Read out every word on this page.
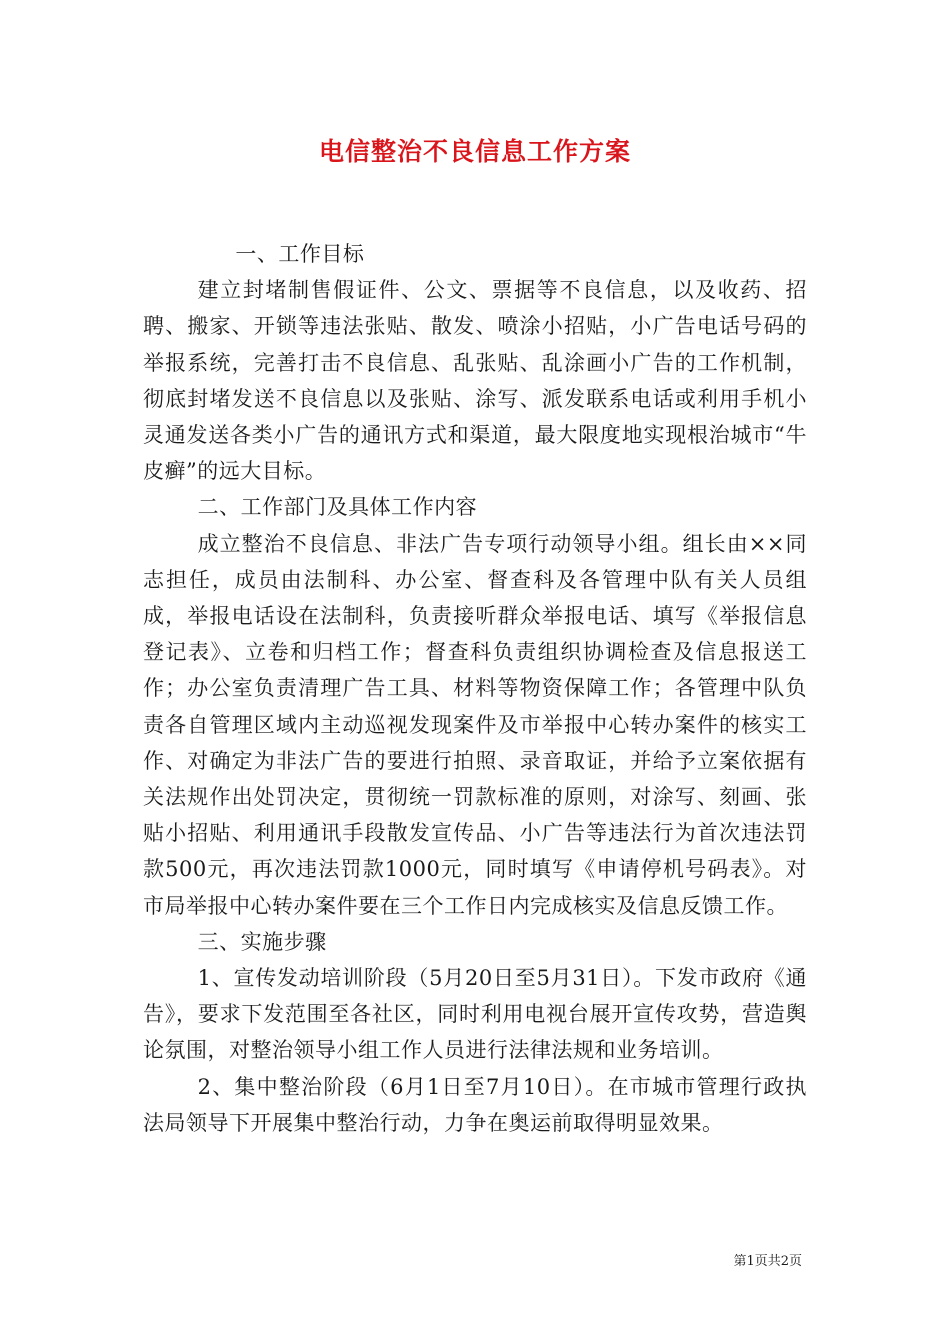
电信整治不良信息工作方案

一、工作目标

建立封堵制售假证件、公文、票据等不良信息，以及收药、招聘、搬家、开锁等违法张贴、散发、喷涂小招贴，小广告电话号码的举报系统，完善打击不良信息、乱张贴、乱涂画小广告的工作机制，彻底封堵发送不良信息以及张贴、涂写、派发联系电话或利用手机小灵通发送各类小广告的通讯方式和渠道，最大限度地实现根治城市“牛皮癣”的远大目标。

二、工作部门及具体工作内容

成立整治不良信息、非法广告专项行动领导小组。组长由××同志担任，成员由法制科、办公室、督查科及各管理中队有关人员组成，举报电话设在法制科，负责接听群众举报电话、填写《举报信息登记表》、立卷和归档工作；督查科负责组织协调检查及信息报送工作；办公室负责清理广告工具、材料等物资保障工作；各管理中队负责各自管理区域内主动巡视发现案件及市举报中心转办案件的核实工作、对确定为非法广告的要进行拍照、录音取证，并给予立案依据有关法规作出处罚决定，贯彻统一罚款标准的原则，对涂写、刻画、张贴小招贴、利用通讯手段散发宣传品、小广告等违法行为首次违法罚款500元，再次违法罚款1000元，同时填写《申请停机号码表》。对市局举报中心转办案件要在三个工作日内完成核实及信息反馈工作。

三、实施步骤

1、宣传发动培训阶段（5月20日至5月31日）。下发市政府《通告》，要求下发范围至各社区，同时利用电视台展开宣传攻势，营造舆论氛围，对整治领导小组工作人员进行法律法规和业务培训。

2、集中整治阶段（6月1日至7月10日）。在市城市管理行政执法局领导下开展集中整治行动，力争在奥运前取得明显效果。

第1页共2页
